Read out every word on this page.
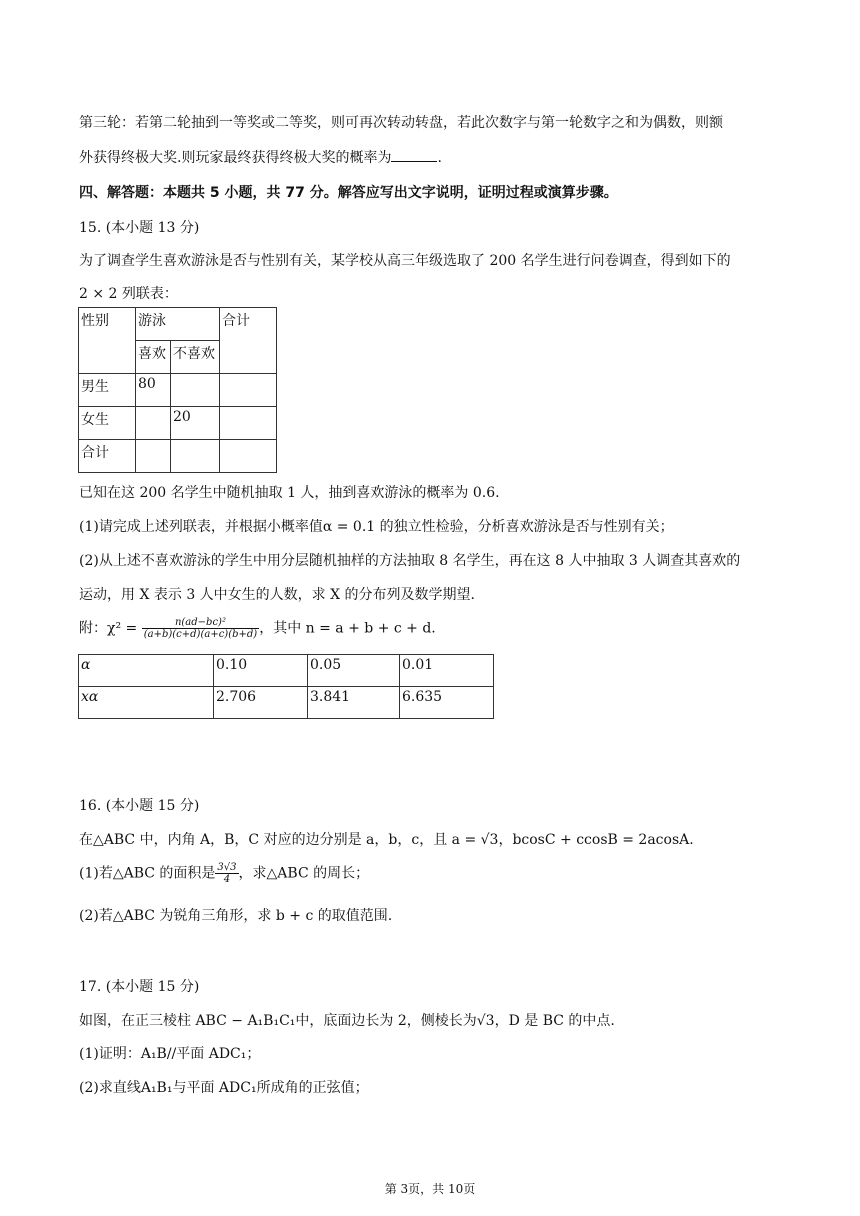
第三轮：若第二轮抽到一等奖或二等奖，则可再次转动转盘，若此次数字与第一轮数字之和为偶数，则额
外获得终极大奖.则玩家最终获得终极大奖的概率为	.
四、解答题：本题共 5 小题，共 77 分。解答应写出文字说明，证明过程或演算步骤。
15. (本小题 13 分)
为了调查学生喜欢游泳是否与性别有关，某学校从高三年级选取了 200 名学生进行问卷调查，得到如下的
2 × 2 列联表：
性别	游泳		合计
	喜欢	不喜欢	
男生	80		
女生		20	
合计			
已知在这 200 名学生中随机抽取 1 人，抽到喜欢游泳的概率为 0.6.
(1)请完成上述列联表，并根据小概率值α = 0.1 的独立性检验，分析喜欢游泳是否与性别有关；
(2)从上述不喜欢游泳的学生中用分层随机抽样的方法抽取 8 名学生，再在这 8 人中抽取 3 人调查其喜欢的
运动，用 X 表示 3 人中女生的人数，求 X 的分布列及数学期望.
附：$\chi^2 = \frac{\text{n(ad−bc)²}}{(a+b)(c+d)(a+c)(b+d)}$ ，其中 n = a + b + c + d.
α	0.10	0.05	0.01
xα	2.706	3.841	6.635
16. (本小题 15 分)
在△ABC 中，内角 A，B，C 对应的边分别是 a，b，c，且 a = √3，bcosC + ccosB = 2acosA.
(1)若△ABC 的面积是 $\frac{3√3}{4}$ ，求△ABC 的周长；
(2)若△ABC 为锐角三角形，求 b + c 的取值范围.
17. (本小题 15 分)
如图，在正三棱柱 ABC − A₁B₁C₁中，底面边长为 2，侧棱长为√3，D 是 BC 的中点.
(1)证明：A₁B//平面 ADC₁；
(2)求直线A₁B₁与平面 ADC₁所成角的正弦值；
第 3页，共 10页
